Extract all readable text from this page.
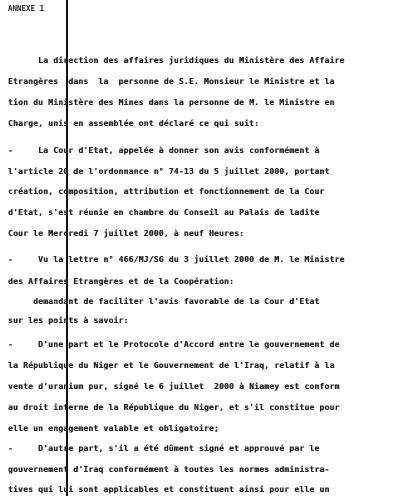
ANNEXE 1
La direction des affaires juridiques du Ministère des Affaire
Etrangères  dans  la  personne de S.E. Monsieur le Ministre et la
tion du Ministère des Mines dans la personne de M. le Ministre en
Charge, unis en assemblée ont déclaré ce qui suit:
-     La Cour d'Etat, appelée à donner son avis conformément à
l'article 20 de l'ordonnance n° 74-13 du 5 juillet 2000, portant
création, composition, attribution et fonctionnement de la Cour
d'Etat, s'est réunie en chambre du Conseil au Palais de ladite
Cour le Mercredi 7 juillet 2000, à neuf Heures:
-     Vu la lettre n° 466/MJ/SG du 3 juillet 2000 de M. le Ministre
des Affaires Etrangères et de la Coopération:
demandant de faciliter l'avis favorable de la Cour d'Etat
sur les points à savoir:
-     D'une part et le Protocole d'Accord entre le gouvernement de
la République du Niger et le Gouvernement de l'Iraq, relatif à la
vente d'uranium pur, signé le 6 juillet  2000 à Niamey est conform
au droit interne de la République du Niger, et s'il constitue pour
elle un engagement valable et obligatoire;
-     D'autre part, s'il a été dûment signé et approuvé par le
gouvernement d'Iraq conformément à toutes les normes administra-
tives qui lui sont applicables et constituent ainsi pour elle un
